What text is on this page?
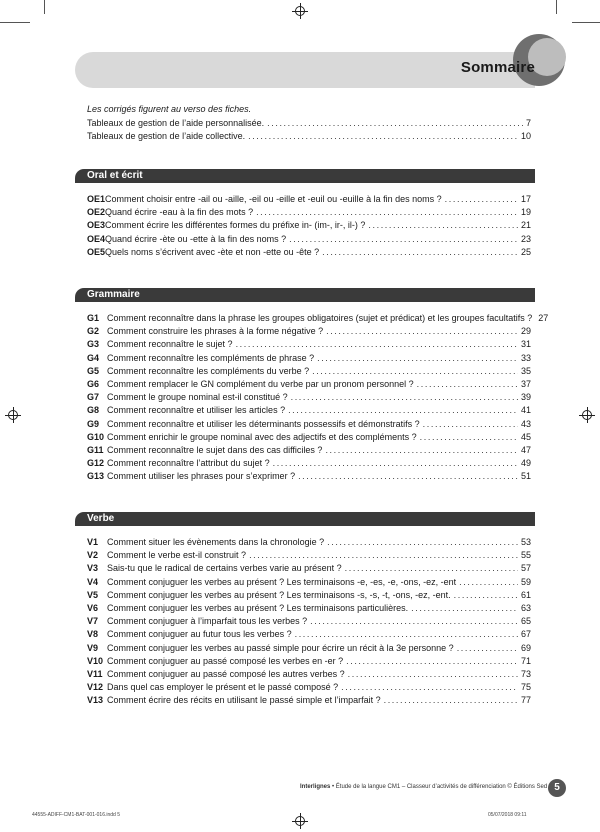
Sommaire
Les corrigés figurent au verso des fiches.
Tableaux de gestion de l’aide personnalisée. .....	7
Tableaux de gestion de l’aide collective. .....	10
Oral et écrit
OE1 Comment choisir entre -ail ou -aille, -eil ou -eille et -euil ou -euille à la fin des noms ? .....	17
OE2 Quand écrire -eau à la fin des mots ? .....	19
OE3 Comment écrire les différentes formes du préfixe in- (im-, ir-, il-) ? .....	21
OE4 Quand écrire -ète ou -ette à la fin des noms ? .....	23
OE5 Quels noms s’écrivent avec -ète et non -ette ou -ête ? .....	25
Grammaire
G1 Comment reconnaître dans la phrase les groupes obligatoires (sujet et prédicat) et les groupes facultatifs ? 27
G2 Comment construire les phrases à la forme négative ? .....	29
G3 Comment reconnaître le sujet ? .....	31
G4 Comment reconnaître les compléments de phrase ? .....	33
G5 Comment reconnaître les compléments du verbe ? .....	35
G6 Comment remplacer le GN complément du verbe par un pronom personnel ? .....	37
G7 Comment le groupe nominal est-il constitué ? .....	39
G8 Comment reconnaître et utiliser les articles ? .....	41
G9 Comment reconnaître et utiliser les déterminants possessifs et démonstratifs ? .....	43
G10 Comment enrichir le groupe nominal avec des adjectifs et des compléments ? .....	45
G11 Comment reconnaître le sujet dans des cas difficiles ? .....	47
G12 Comment reconnaître l’attribut du sujet ? .....	49
G13 Comment utiliser les phrases pour s’exprimer ? .....	51
Verbe
V1 Comment situer les évènements dans la chronologie ? .....	53
V2 Comment le verbe est-il construit ? .....	55
V3 Sais-tu que le radical de certains verbes varie au présent ? .....	57
V4 Comment conjuguer les verbes au présent ? Les terminaisons -e, -es, -e, -ons, -ez, -ent .....	59
V5 Comment conjuguer les verbes au présent ? Les terminaisons -s, -s, -t, -ons, -ez, -ent. .....	61
V6 Comment conjuguer les verbes au présent ? Les terminaisons particulières. .....	63
V7 Comment conjuguer à l’imparfait tous les verbes ? .....	65
V8 Comment conjuguer au futur tous les verbes ? .....	67
V9 Comment conjuguer les verbes au passé simple pour écrire un récit à la 3e personne ? .....	69
V10 Comment conjuguer au passé composé les verbes en -er ? .....	71
V11 Comment conjuguer au passé composé les autres verbes ? .....	73
V12 Dans quel cas employer le présent et le passé composé ? .....	75
V13 Comment écrire des récits en utilisant le passé simple et l’imparfait ? .....	77
Interlignes • Étude de la langue CM1 – Classeur d’activités de différenciation © Éditions Sed 5
44555-ADIFF-CM1-BAT-001-016.indd 5	05/07/2018 09:11
